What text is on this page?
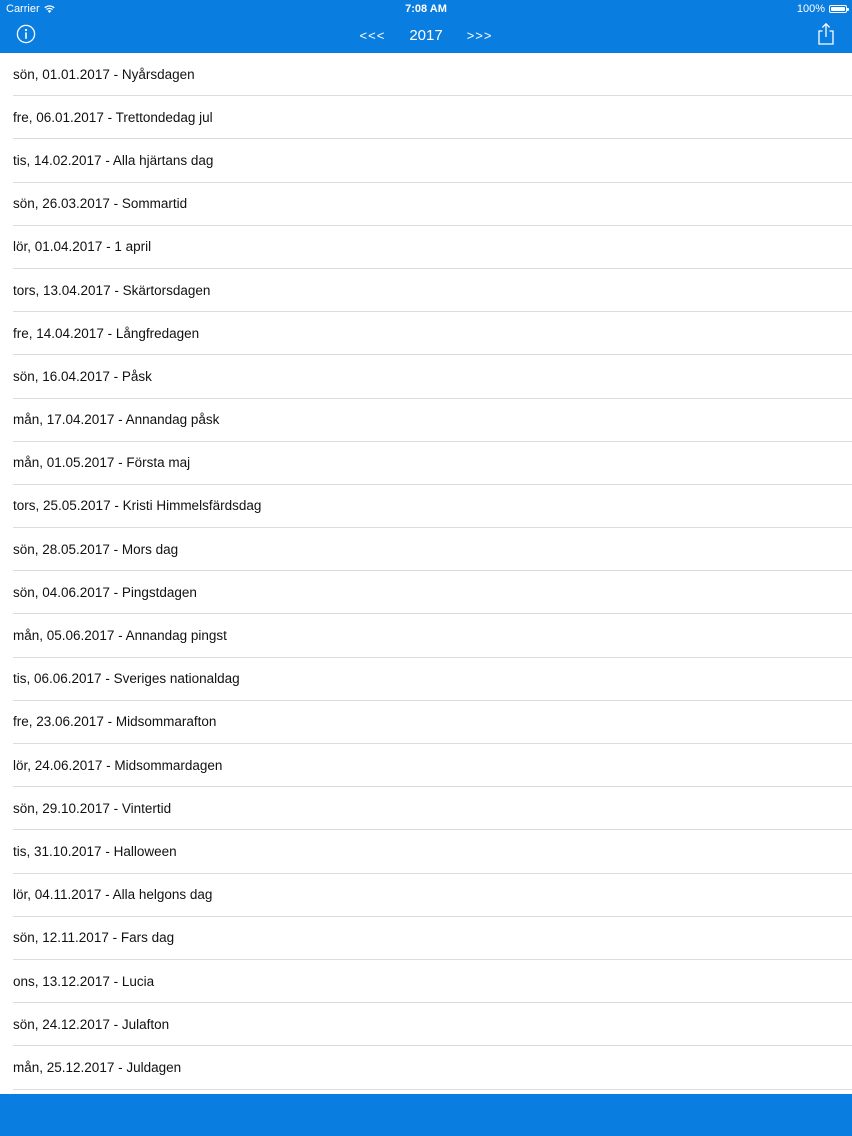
Carrier	7:08 AM	100%
<<< 2017 >>>
sön, 01.01.2017 - Nyårsdagen
fre, 06.01.2017 - Trettondedag jul
tis, 14.02.2017 - Alla hjärtans dag
sön, 26.03.2017 - Sommartid
lör, 01.04.2017 - 1 april
tors, 13.04.2017 - Skärtorsdagen
fre, 14.04.2017 - Långfredagen
sön, 16.04.2017 - Påsk
mån, 17.04.2017 - Annandag påsk
mån, 01.05.2017 - Första maj
tors, 25.05.2017 - Kristi Himmelsfärdsdag
sön, 28.05.2017 - Mors dag
sön, 04.06.2017 - Pingstdagen
mån, 05.06.2017 - Annandag pingst
tis, 06.06.2017 - Sveriges nationaldag
fre, 23.06.2017 - Midsommarafton
lör, 24.06.2017 - Midsommardagen
sön, 29.10.2017 - Vintertid
tis, 31.10.2017 - Halloween
lör, 04.11.2017 - Alla helgons dag
sön, 12.11.2017 - Fars dag
ons, 13.12.2017 - Lucia
sön, 24.12.2017 - Julafton
mån, 25.12.2017 - Juldagen
